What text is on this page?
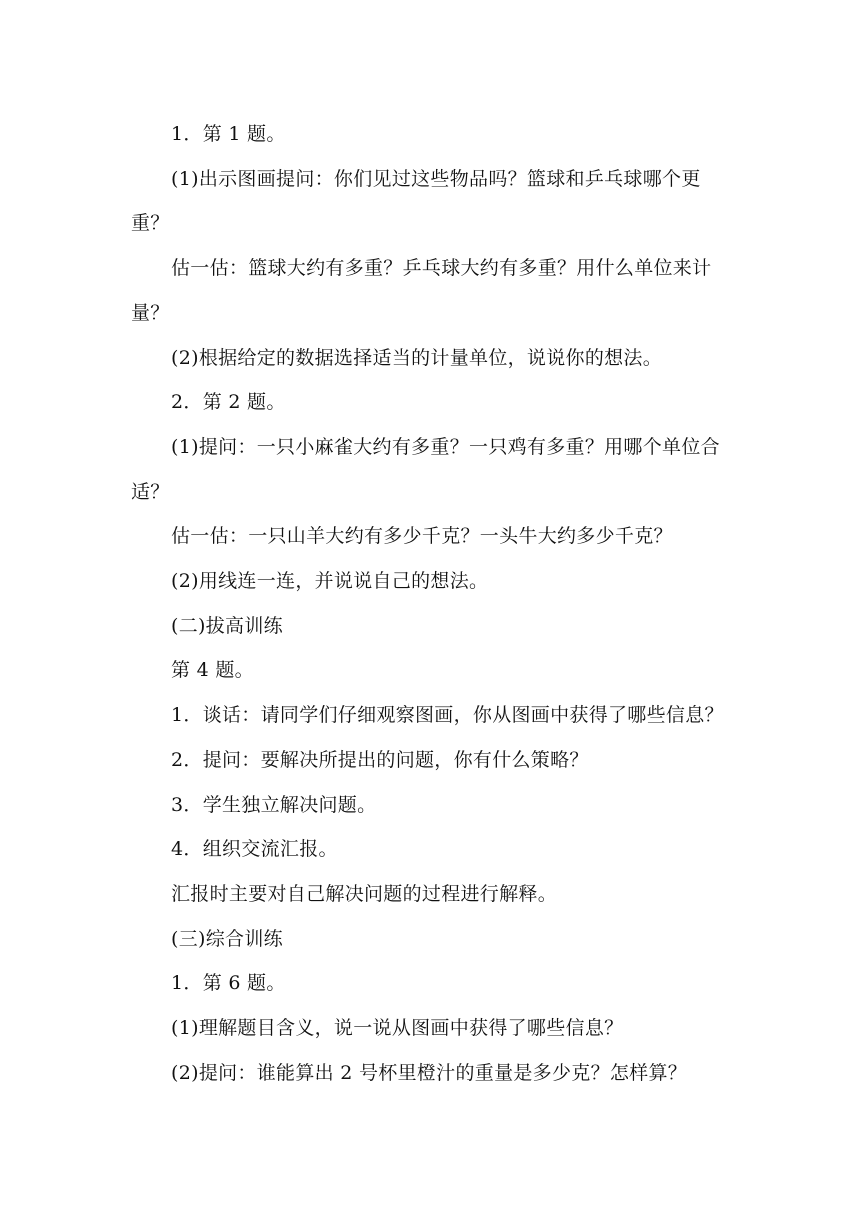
1．第 1 题。

(1)出示图画提问：你们见过这些物品吗？篮球和乒乓球哪个更重？

估一估：篮球大约有多重？乒乓球大约有多重？用什么单位来计量？

(2)根据给定的数据选择适当的计量单位，说说你的想法。

2．第 2 题。

(1)提问：一只小麻雀大约有多重？一只鸡有多重？用哪个单位合适？

估一估：一只山羊大约有多少千克？一头牛大约多少千克？

(2)用线连一连，并说说自己的想法。

(二)拔高训练

第 4 题。

1．谈话：请同学们仔细观察图画，你从图画中获得了哪些信息？

2．提问：要解决所提出的问题，你有什么策略？

3．学生独立解决问题。

4．组织交流汇报。

汇报时主要对自己解决问题的过程进行解释。

(三)综合训练

1．第 6 题。

(1)理解题目含义，说一说从图画中获得了哪些信息？

(2)提问：谁能算出 2 号杯里橙汁的重量是多少克？怎样算？
